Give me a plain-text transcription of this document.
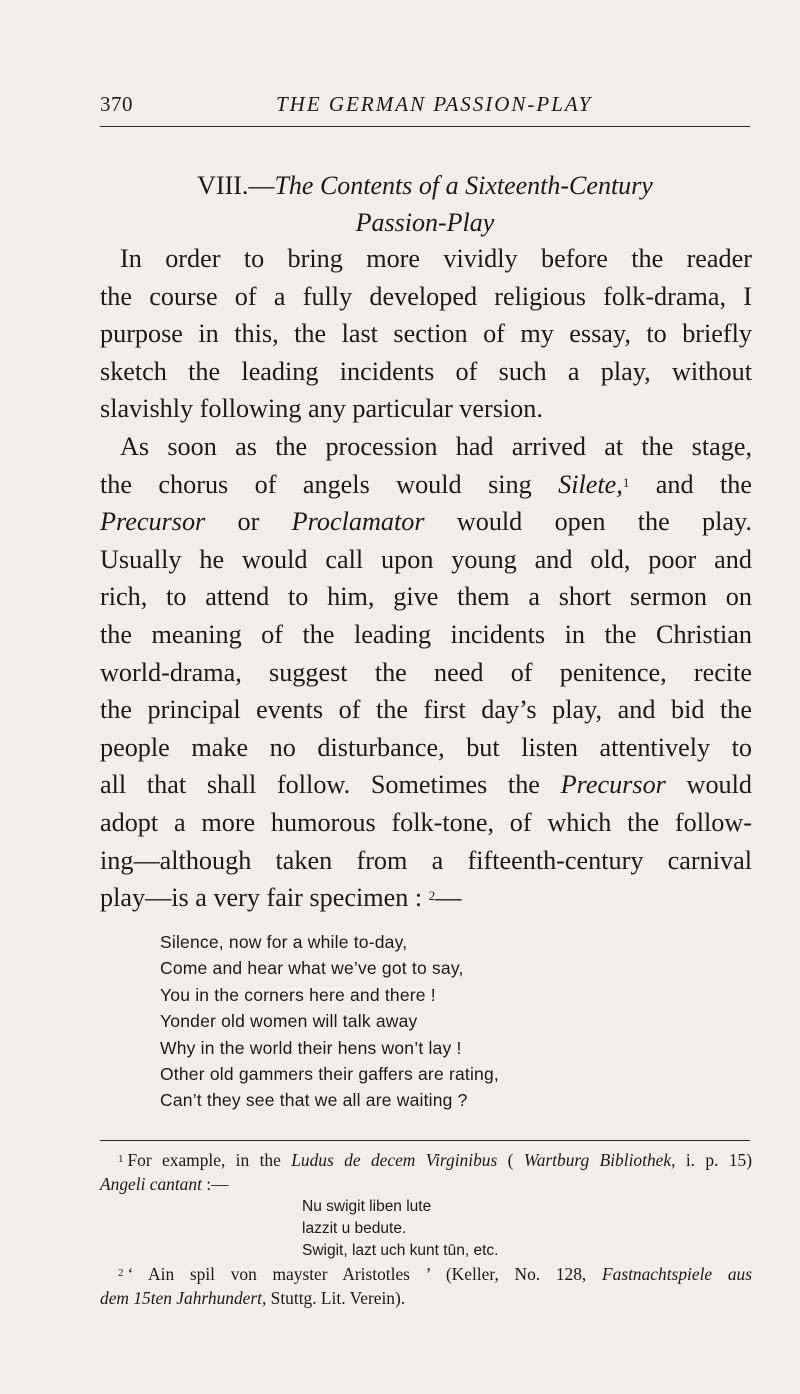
370	THE GERMAN PASSION-PLAY
VIII.—The Contents of a Sixteenth-Century
Passion-Play

In order to bring more vividly before the reader
the course of a fully developed religious folk-drama, I
purpose in this, the last section of my essay, to briefly
sketch the leading incidents of such a play, without
slavishly following any particular version.

As soon as the procession had arrived at the stage,
the chorus of angels would sing Silete,$^1$ and the
Precursor or Proclamator would open the play.
Usually he would call upon young and old, poor and
rich, to attend to him, give them a short sermon on
the meaning of the leading incidents in the Christian
world-drama, suggest the need of penitence, recite
the principal events of the first day’s play, and bid the
people make no disturbance, but listen attentively to
all that shall follow. Sometimes the Precursor would
adopt a more humorous folk-tone, of which the follow-
ing—although taken from a fifteenth-century carnival
play—is a very fair specimen : $^2$—

Silence, now for a while to-day,
Come and hear what we’ve got to say,
You in the corners here and there !
Yonder old women will talk away
Why in the world their hens won’t lay !
Other old gammers their gaffers are rating,
Can’t they see that we all are waiting ?
$^1$ For example, in the Ludus de decem Virginibus ( Wartburg Bibliothek, i. p. 15)
Angeli cantant :—
Nu swigit liben lute
lazzit u bedute.
Swigit, lazt uch kunt tūn, etc.
$^2$ ‘ Ain spil von mayster Aristotles ’ (Keller, No. 128, Fastnachtspiele aus
dem 15ten Jahrhundert, Stuttg. Lit. Verein).
